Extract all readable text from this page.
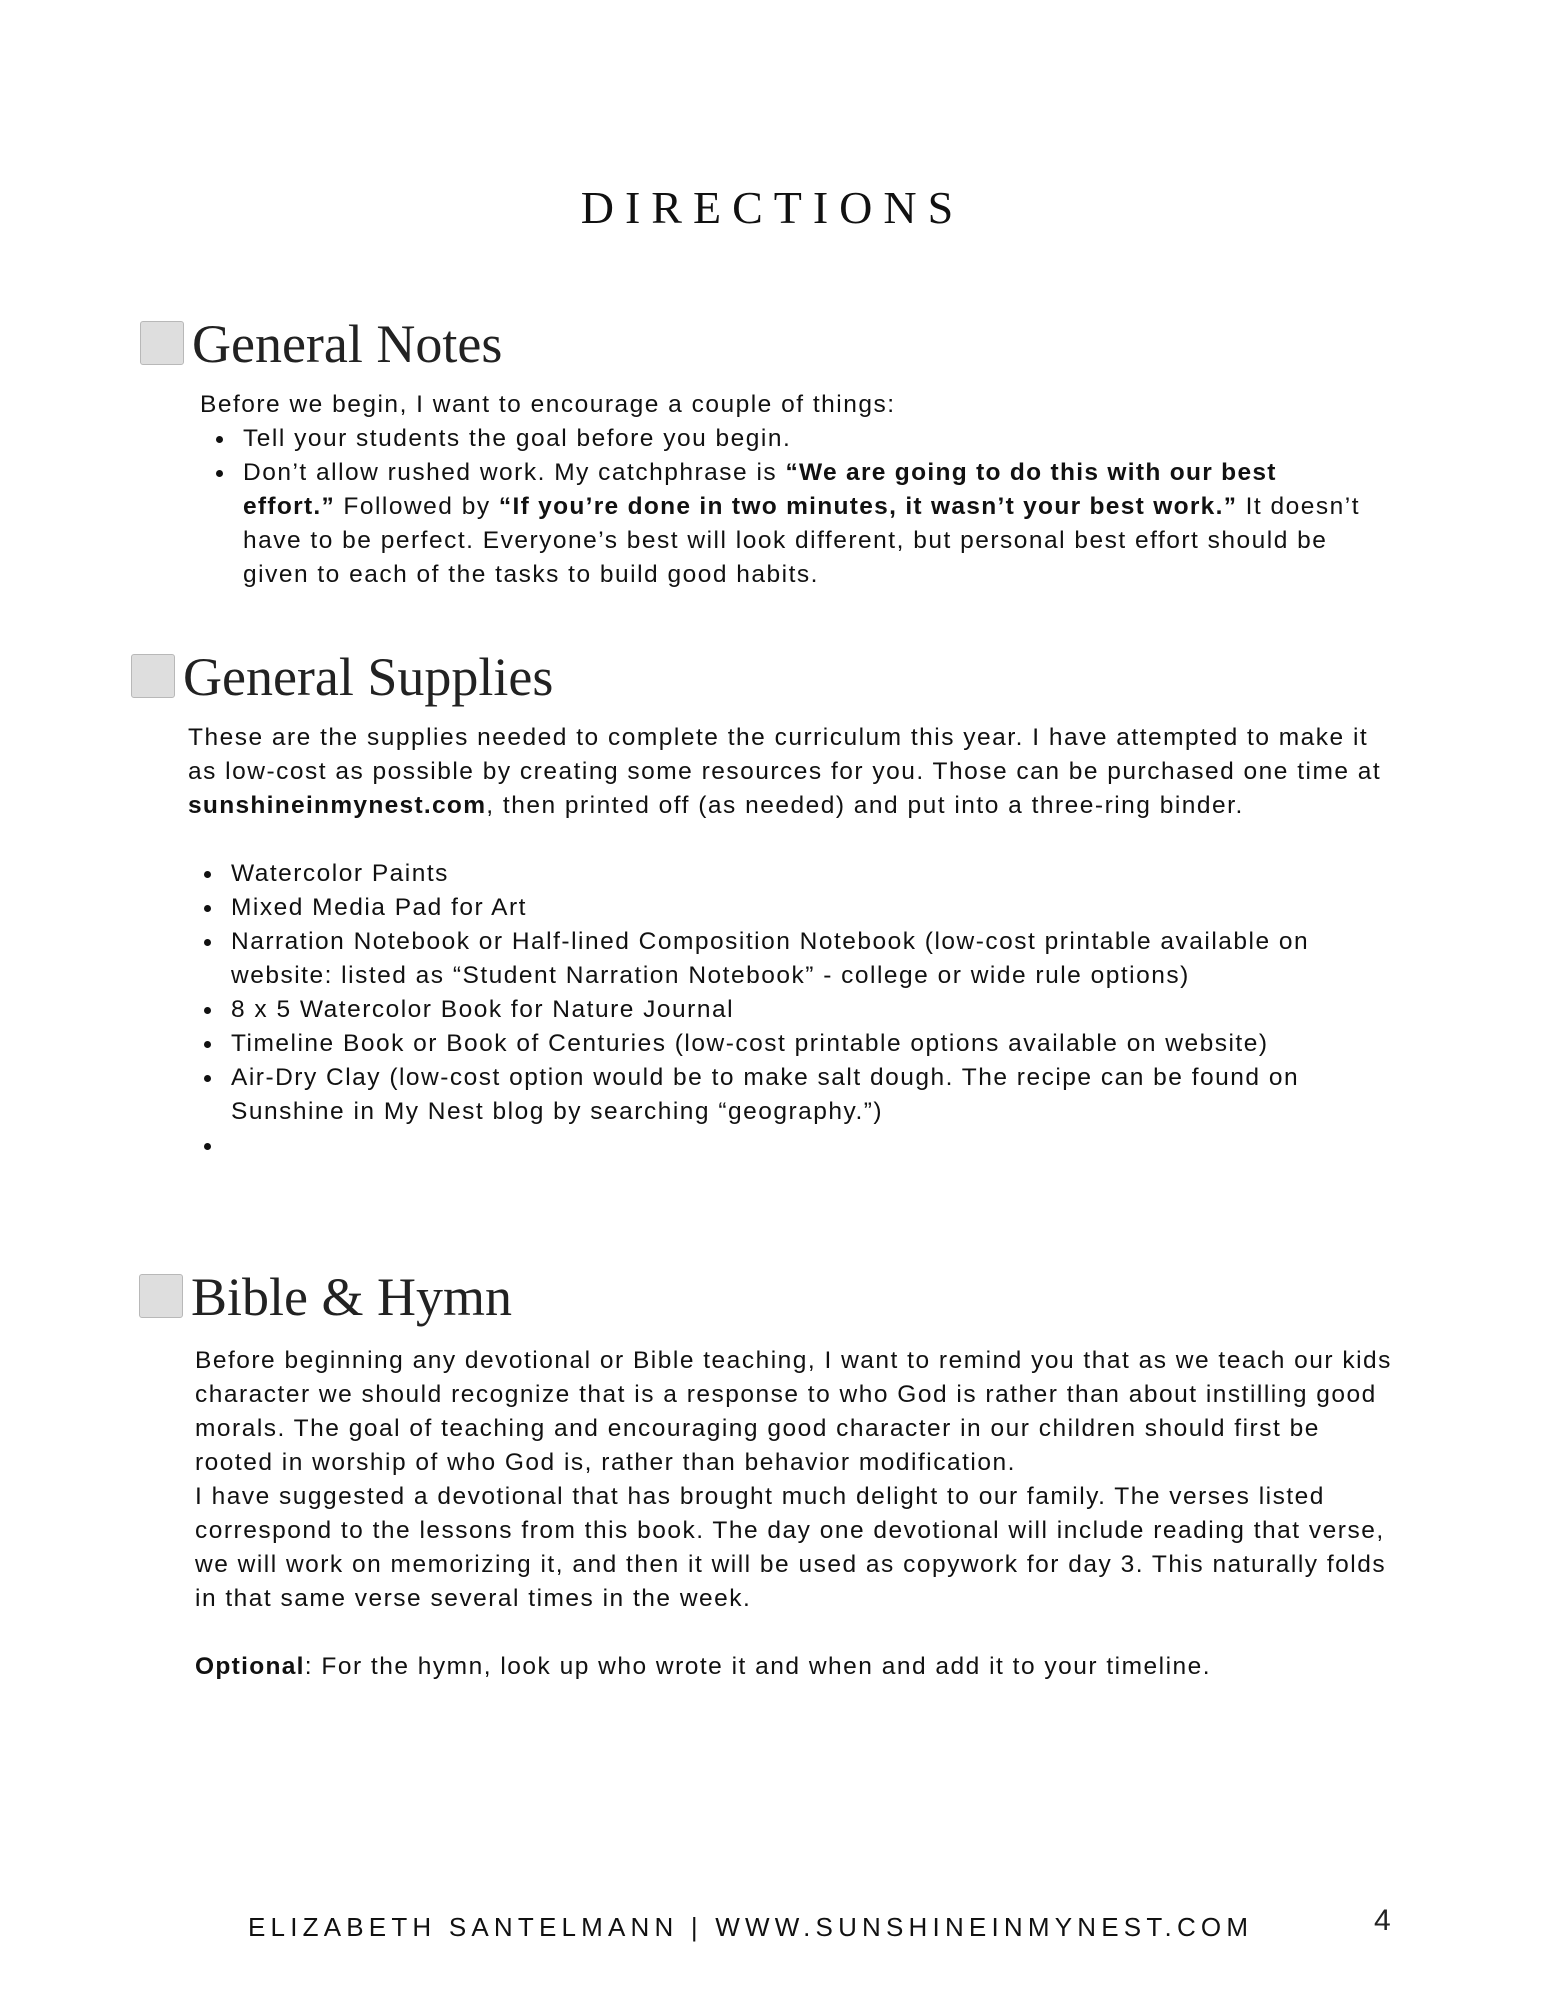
DIRECTIONS
General Notes

Before we begin, I want to encourage a couple of things:

Tell your students the goal before you begin.
Don’t allow rushed work. My catchphrase is “We are going to do this with our best effort.” Followed by “If you’re done in two minutes, it wasn’t your best work.” It doesn’t have to be perfect. Everyone’s best will look different, but personal best effort should be given to each of the tasks to build good habits.
General Supplies

These are the supplies needed to complete the curriculum this year. I have attempted to make it as low-cost as possible by creating some resources for you. Those can be purchased one time at sunshineinmynest.com, then printed off (as needed) and put into a three-ring binder.

Watercolor Paints
Mixed Media Pad for Art
Narration Notebook or Half-lined Composition Notebook (low-cost printable available on website: listed as “Student Narration Notebook” - college or wide rule options)
8 x 5 Watercolor Book for Nature Journal
Timeline Book or Book of Centuries (low-cost printable options available on website)
Air-Dry Clay (low-cost option would be to make salt dough. The recipe can be found on Sunshine in My Nest blog by searching “geography.”)
Bible & Hymn

Before beginning any devotional or Bible teaching, I want to remind you that as we teach our kids character we should recognize that is a response to who God is rather than about instilling good morals. The goal of teaching and encouraging good character in our children should first be rooted in worship of who God is, rather than behavior modification.

I have suggested a devotional that has brought much delight to our family. The verses listed correspond to the lessons from this book. The day one devotional will include reading that verse, we will work on memorizing it, and then it will be used as copywork for day 3. This naturally folds in that same verse several times in the week.

Optional: For the hymn, look up who wrote it and when and add it to your timeline.

ELIZABETH SANTELMANN | WWW.SUNSHINEINMYNEST.COM	4
